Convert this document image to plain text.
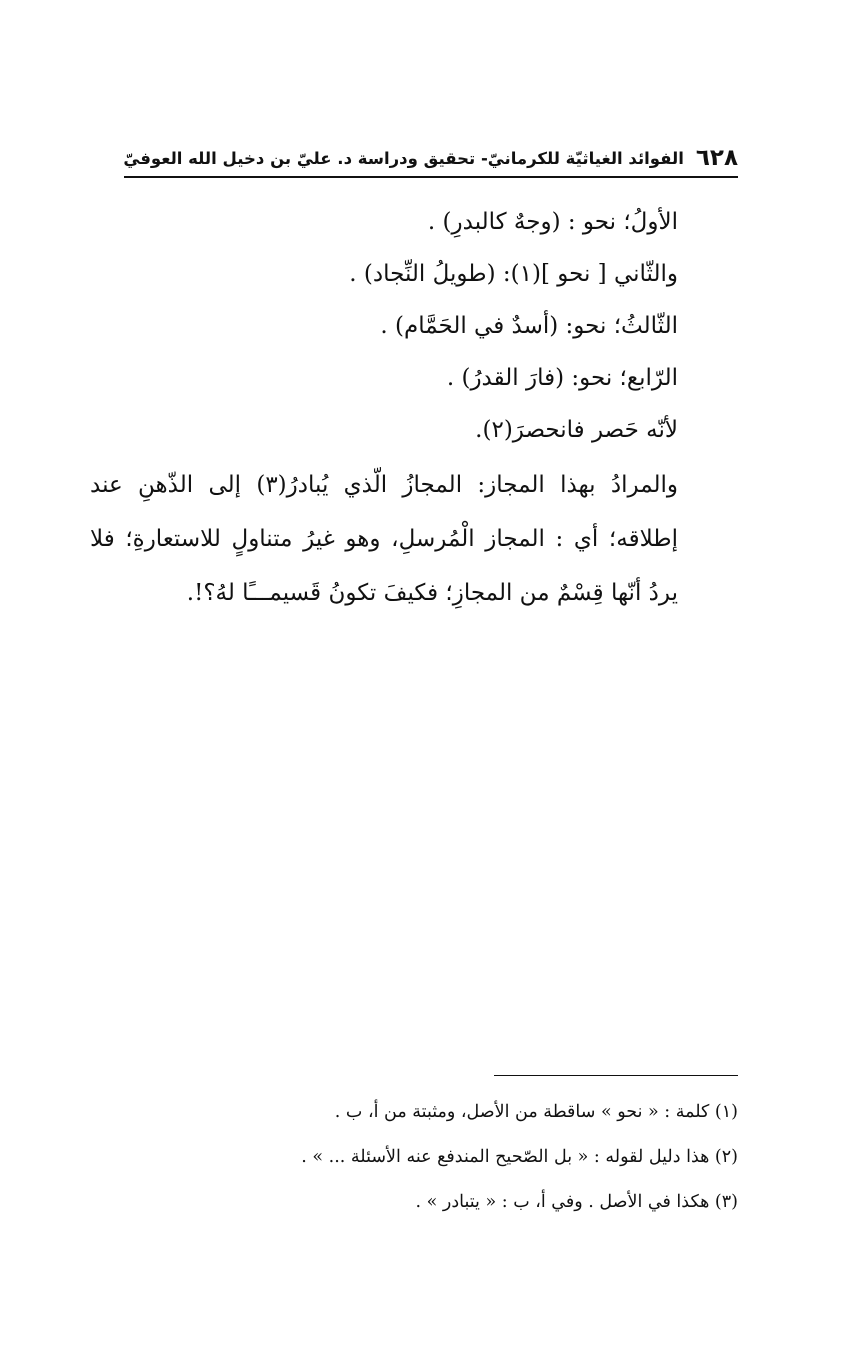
٦٢٨
الفوائد الغياثيّة للكرمانيّ- تحقيق ودراسة د. عليّ بن دخيل الله العوفيّ
الأولُ؛ نحو : (وجهٌ كالبدرِ) .
والثّاني [ نحو ](١): (طويلُ النِّجاد) .
الثّالثُ؛ نحو: (أسدٌ في الحَمَّام) .
الرّابع؛ نحو: (فارَ القدرُ) .
لأنّه حَصر فانحصرَ(٢).
والمرادُ بهذا المجاز: المجازُ الّذي يُبادرُ(٣) إلى الذّهنِ عند إطلاقه؛ أي : المجاز الْمُرسلِ، وهو غيرُ متناولٍ للاستعارةِ؛ فلا يردُ أنّها قِسْمٌ من المجازِ؛ فكيفَ تكونُ قَسيمـــًا لهُ؟!.
(١) كلمة : « نحو » ساقطة من الأصل، ومثبتة من أ، ب .
(٢) هذا دليل لقوله : « بل الصّحيح المندفع عنه الأسئلة ... » .
(٣) هكذا في الأصل . وفي أ، ب : « يتبادر » .
